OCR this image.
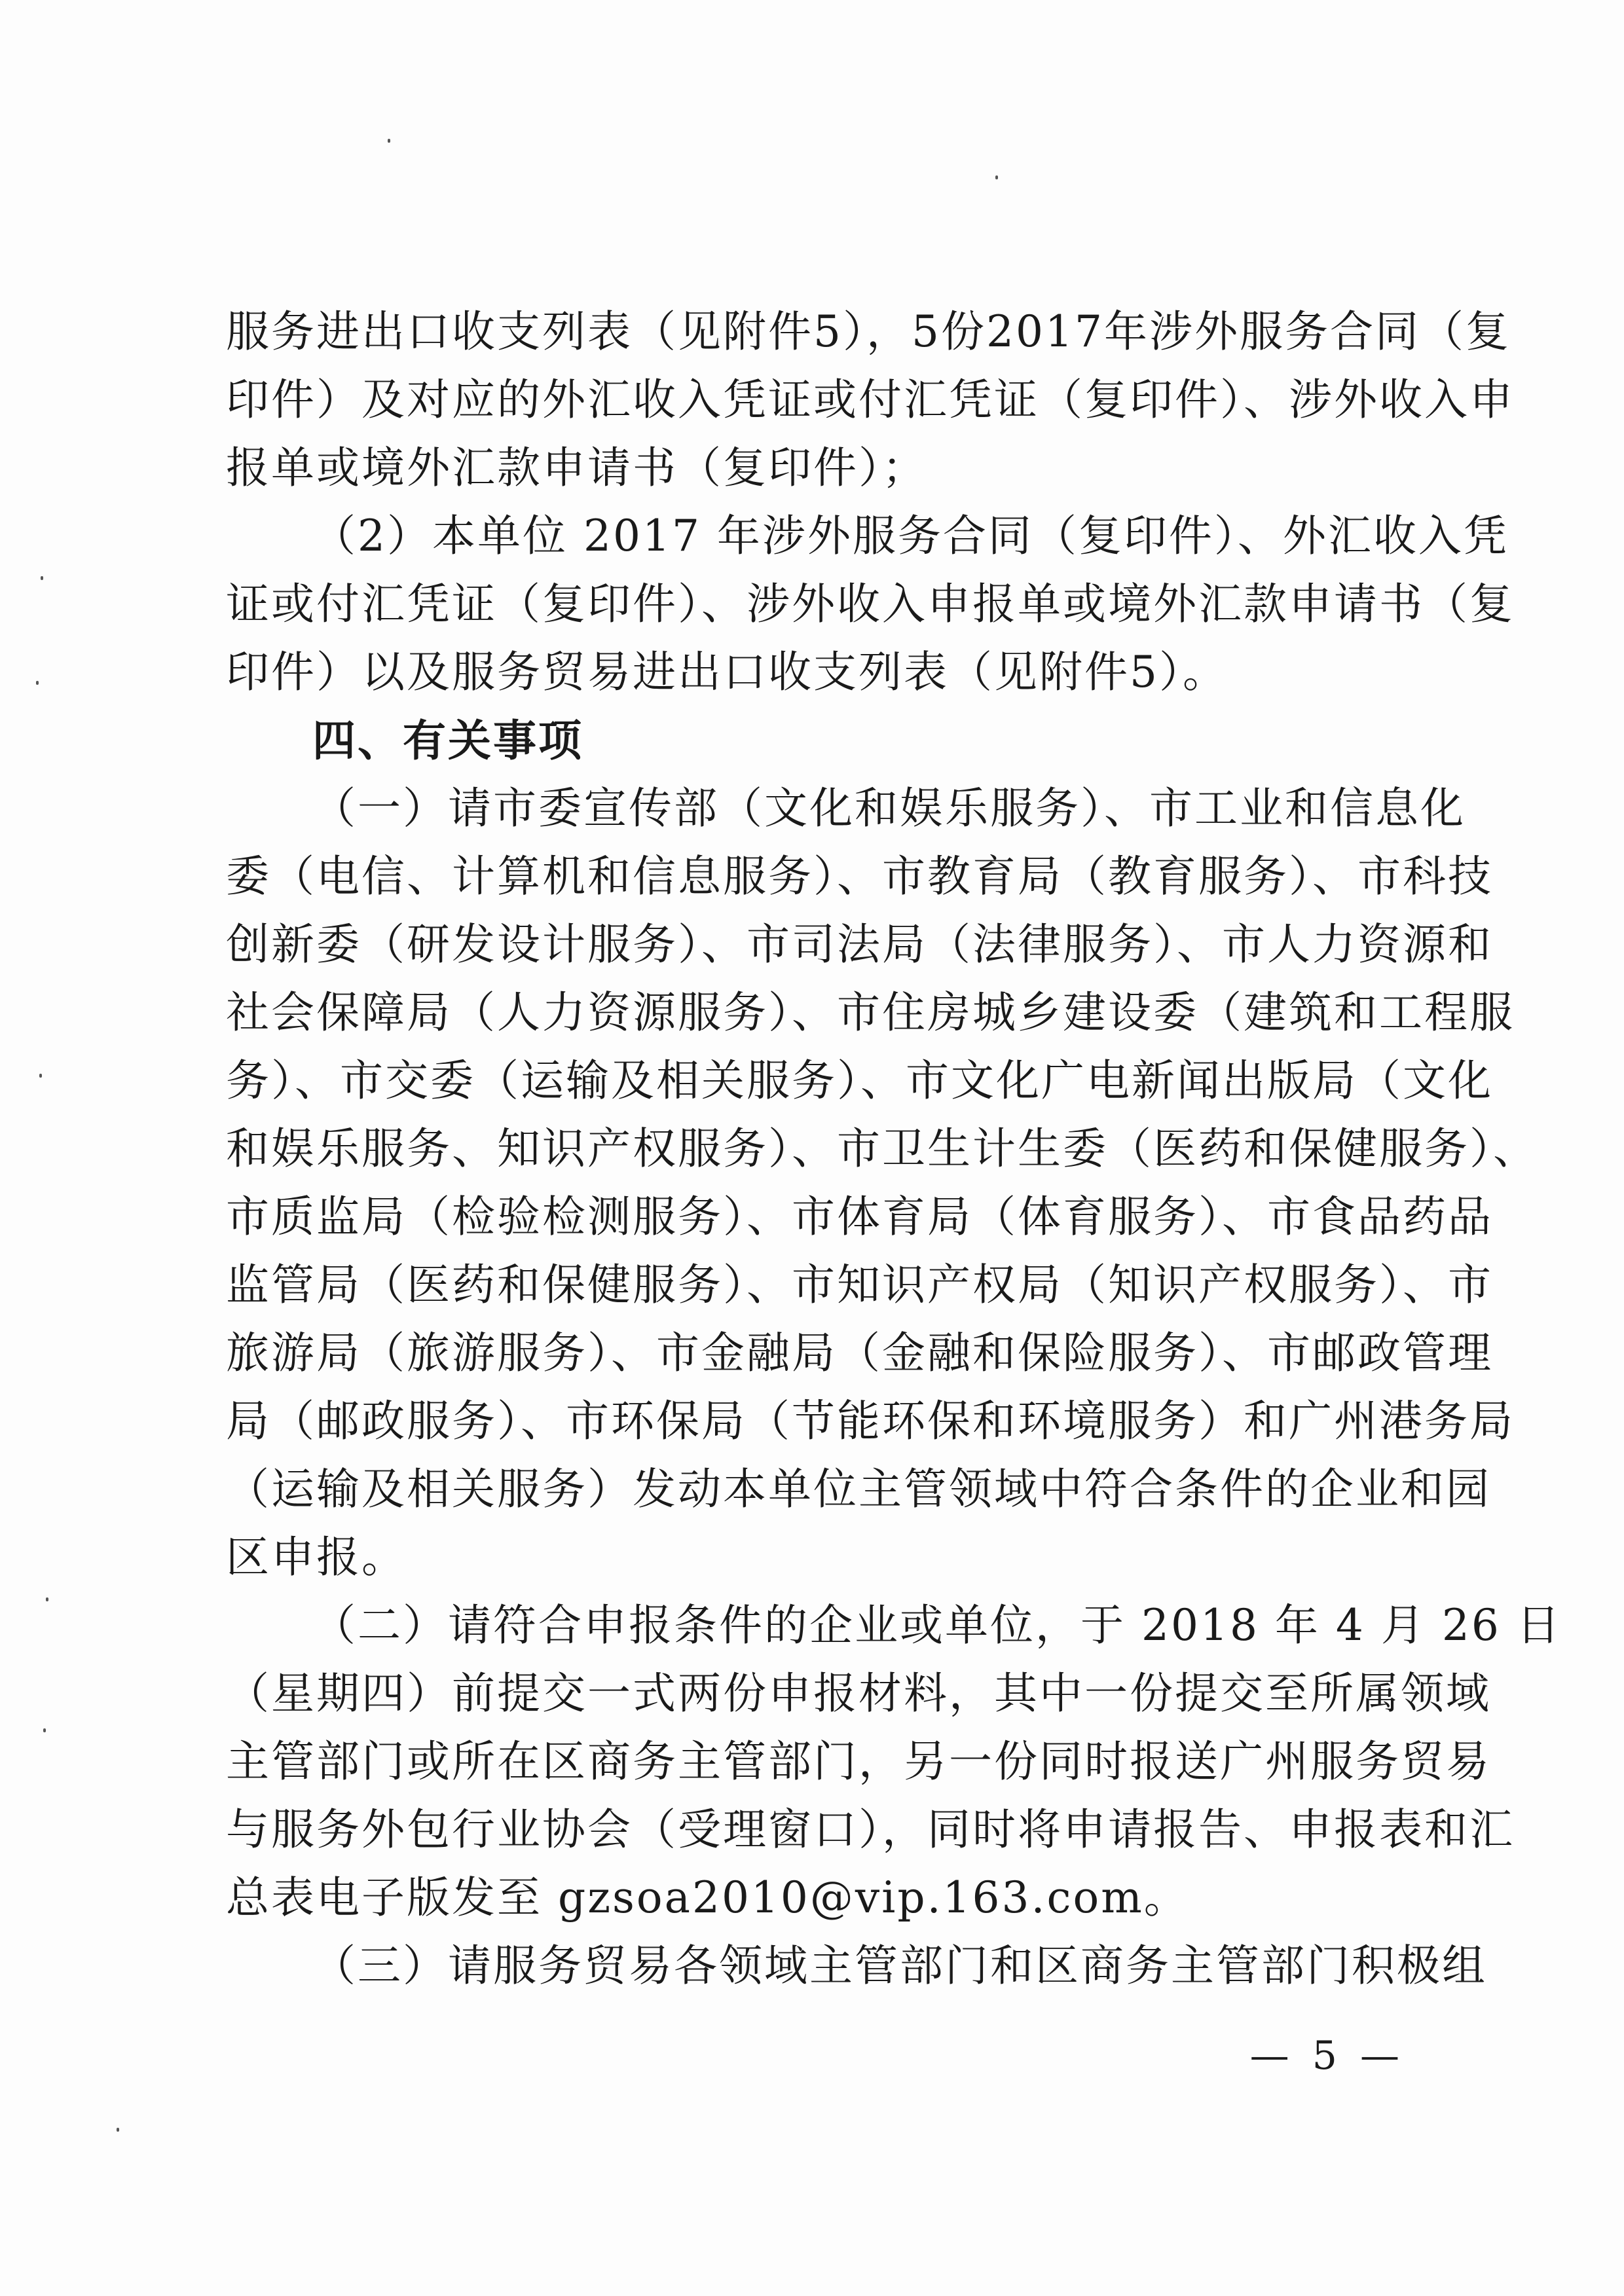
服务进出口收支列表（见附件5），5份2017年涉外服务合同（复
印件）及对应的外汇收入凭证或付汇凭证（复印件）、涉外收入申
报单或境外汇款申请书（复印件）；
（2）本单位 2017 年涉外服务合同（复印件）、外汇收入凭
证或付汇凭证（复印件）、涉外收入申报单或境外汇款申请书（复
印件）以及服务贸易进出口收支列表（见附件5）。
四、有关事项
（一）请市委宣传部（文化和娱乐服务）、市工业和信息化
委（电信、计算机和信息服务）、市教育局（教育服务）、市科技
创新委（研发设计服务）、市司法局（法律服务）、市人力资源和
社会保障局（人力资源服务）、市住房城乡建设委（建筑和工程服
务）、市交委（运输及相关服务）、市文化广电新闻出版局（文化
和娱乐服务、知识产权服务）、市卫生计生委（医药和保健服务）、
市质监局（检验检测服务）、市体育局（体育服务）、市食品药品
监管局（医药和保健服务）、市知识产权局（知识产权服务）、市
旅游局（旅游服务）、市金融局（金融和保险服务）、市邮政管理
局（邮政服务）、市环保局（节能环保和环境服务）和广州港务局
（运输及相关服务）发动本单位主管领域中符合条件的企业和园
区申报。
（二）请符合申报条件的企业或单位，于 2018 年 4 月 26 日
（星期四）前提交一式两份申报材料，其中一份提交至所属领域
主管部门或所在区商务主管部门，另一份同时报送广州服务贸易
与服务外包行业协会（受理窗口），同时将申请报告、申报表和汇
总表电子版发至 gzsoa2010@vip.163.com。
（三）请服务贸易各领域主管部门和区商务主管部门积极组
— 5 —
